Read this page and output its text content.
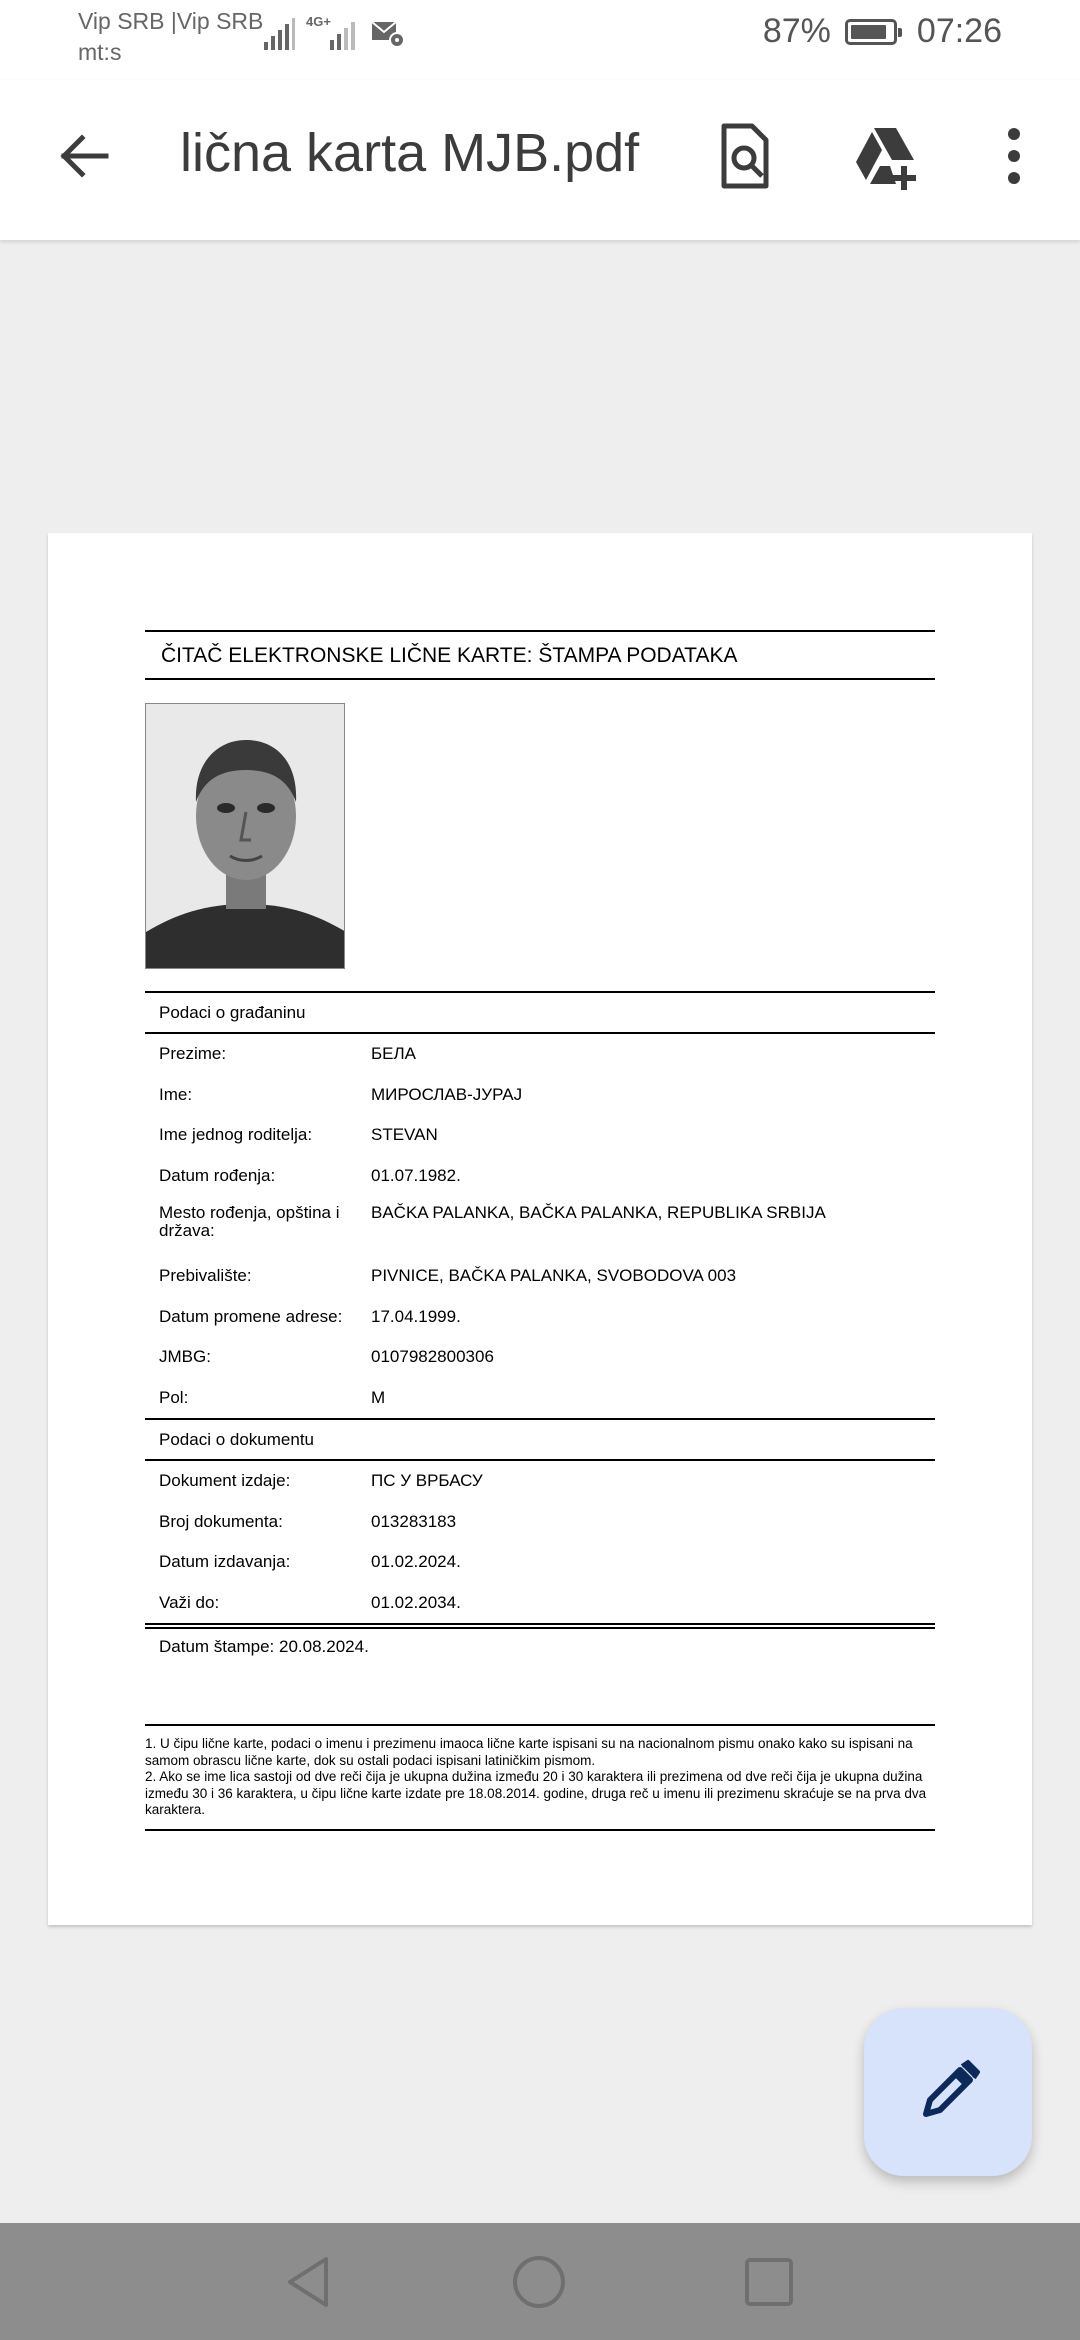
Vip SRB |Vip SRB
mt:s
4G+	87%	07:26
lična karta MJB.pdf
ČITAČ ELEKTRONSKE LIČNE KARTE: ŠTAMPA PODATAKA
Podaci o građaninu
Prezime:	БЕЛА
Ime:	МИРОСЛАВ-ЈУРАЈ
Ime jednog roditelja:	STEVAN
Datum rođenja:	01.07.1982.
Mesto rođenja, opština i država:
BAČKA PALANKA, BAČKA PALANKA, REPUBLIKA SRBIJA
Prebivalište:	PIVNICE, BAČKA PALANKA, SVOBODOVA 003
Datum promene adrese:	17.04.1999.
JMBG:	0107982800306
Pol:	M
Podaci o dokumentu
Dokument izdaje:	ПС У ВРБАСУ
Broj dokumenta:	013283183
Datum izdavanja:	01.02.2024.
Važi do:	01.02.2034.
Datum štampe: 20.08.2024.
1. U čipu lične karte, podaci o imenu i prezimenu imaoca lične karte ispisani su na nacionalnom pismu onako kako su ispisani na samom obrascu lične karte, dok su ostali podaci ispisani latiničkim pismom.
2. Ako se ime lica sastoji od dve reči čija je ukupna dužina između 20 i 30 karaktera ili prezimena od dve reči čija je ukupna dužina između 30 i 36 karaktera, u čipu lične karte izdate pre 18.08.2014. godine, druga reč u imenu ili prezimenu skraćuje se na prva dva karaktera.
